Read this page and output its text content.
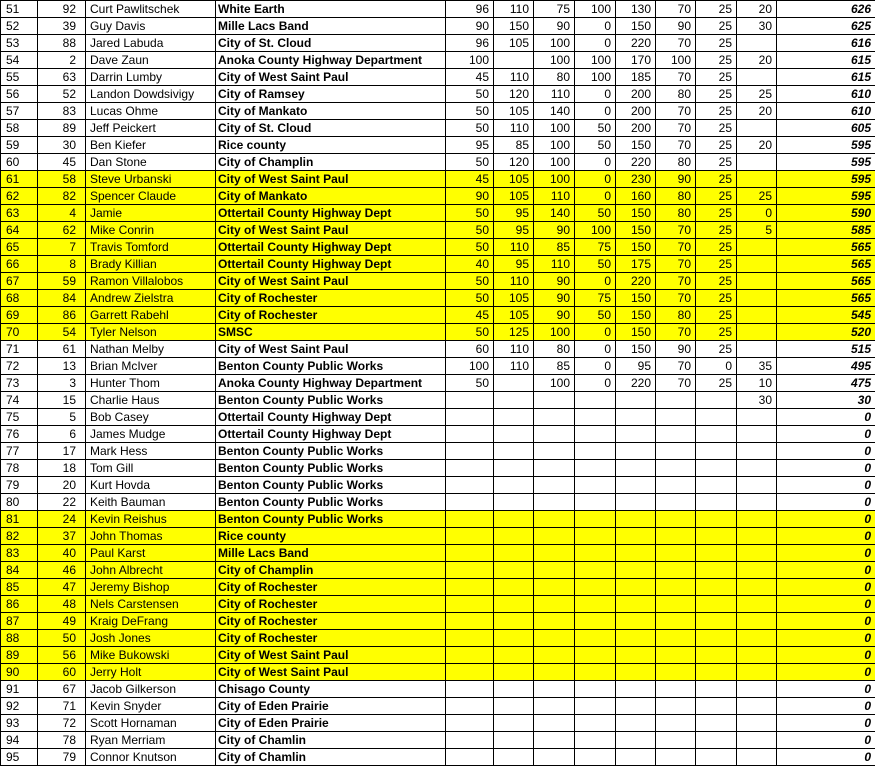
51	92	Curt Pawlitschek	White Earth	96	110	75	100	130	70	25	20	626
52	39	Guy Davis	Mille Lacs Band	90	150	90	0	150	90	25	30	625
53	88	Jared Labuda	City of St. Cloud	96	105	100	0	220	70	25		616
54	2	Dave Zaun	Anoka County Highway Department	100		100	100	170	100	25	20	615
55	63	Darrin Lumby	City of West Saint Paul	45	110	80	100	185	70	25		615
56	52	Landon Dowdsivigy	City of Ramsey	50	120	110	0	200	80	25	25	610
57	83	Lucas Ohme	City of Mankato	50	105	140	0	200	70	25	20	610
58	89	Jeff Peickert	City of St. Cloud	50	110	100	50	200	70	25		605
59	30	Ben Kiefer	Rice county	95	85	100	50	150	70	25	20	595
60	45	Dan Stone	City of Champlin	50	120	100	0	220	80	25		595
61	58	Steve Urbanski	City of West Saint Paul	45	105	100	0	230	90	25		595
62	82	Spencer Claude	City of Mankato	90	105	110	0	160	80	25	25	595
63	4	Jamie	Ottertail County Highway Dept	50	95	140	50	150	80	25	0	590
64	62	Mike Conrin	City of West Saint Paul	50	95	90	100	150	70	25	5	585
65	7	Travis Tomford	Ottertail County Highway Dept	50	110	85	75	150	70	25		565
66	8	Brady Killian	Ottertail County Highway Dept	40	95	110	50	175	70	25		565
67	59	Ramon Villalobos	City of West Saint Paul	50	110	90	0	220	70	25		565
68	84	Andrew Zielstra	City of Rochester	50	105	90	75	150	70	25		565
69	86	Garrett Rabehl	City of Rochester	45	105	90	50	150	80	25		545
70	54	Tyler Nelson	SMSC	50	125	100	0	150	70	25		520
71	61	Nathan Melby	City of West Saint Paul	60	110	80	0	150	90	25		515
72	13	Brian McIver	Benton County Public Works	100	110	85	0	95	70	0	35	495
73	3	Hunter Thom	Anoka County Highway Department	50		100	0	220	70	25	10	475
74	15	Charlie Haus	Benton County Public Works								30	30
75	5	Bob Casey	Ottertail County Highway Dept									0
76	6	James Mudge	Ottertail County Highway Dept									0
77	17	Mark Hess	Benton County Public Works									0
78	18	Tom Gill	Benton County Public Works									0
79	20	Kurt Hovda	Benton County Public Works									0
80	22	Keith Bauman	Benton County Public Works									0
81	24	Kevin Reishus	Benton County Public Works									0
82	37	John Thomas	Rice county									0
83	40	Paul Karst	Mille Lacs Band									0
84	46	John Albrecht	City of Champlin									0
85	47	Jeremy Bishop	City of Rochester									0
86	48	Nels Carstensen	City of Rochester									0
87	49	Kraig DeFrang	City of Rochester									0
88	50	Josh Jones	City of Rochester									0
89	56	Mike Bukowski	City of West Saint Paul									0
90	60	Jerry Holt	City of West Saint Paul									0
91	67	Jacob Gilkerson	Chisago County									0
92	71	Kevin Snyder	City of Eden Prairie									0
93	72	Scott Hornaman	City of Eden Prairie									0
94	78	Ryan Merriam	City of Chamlin									0
95	79	Connor Knutson	City of Chamlin									0
